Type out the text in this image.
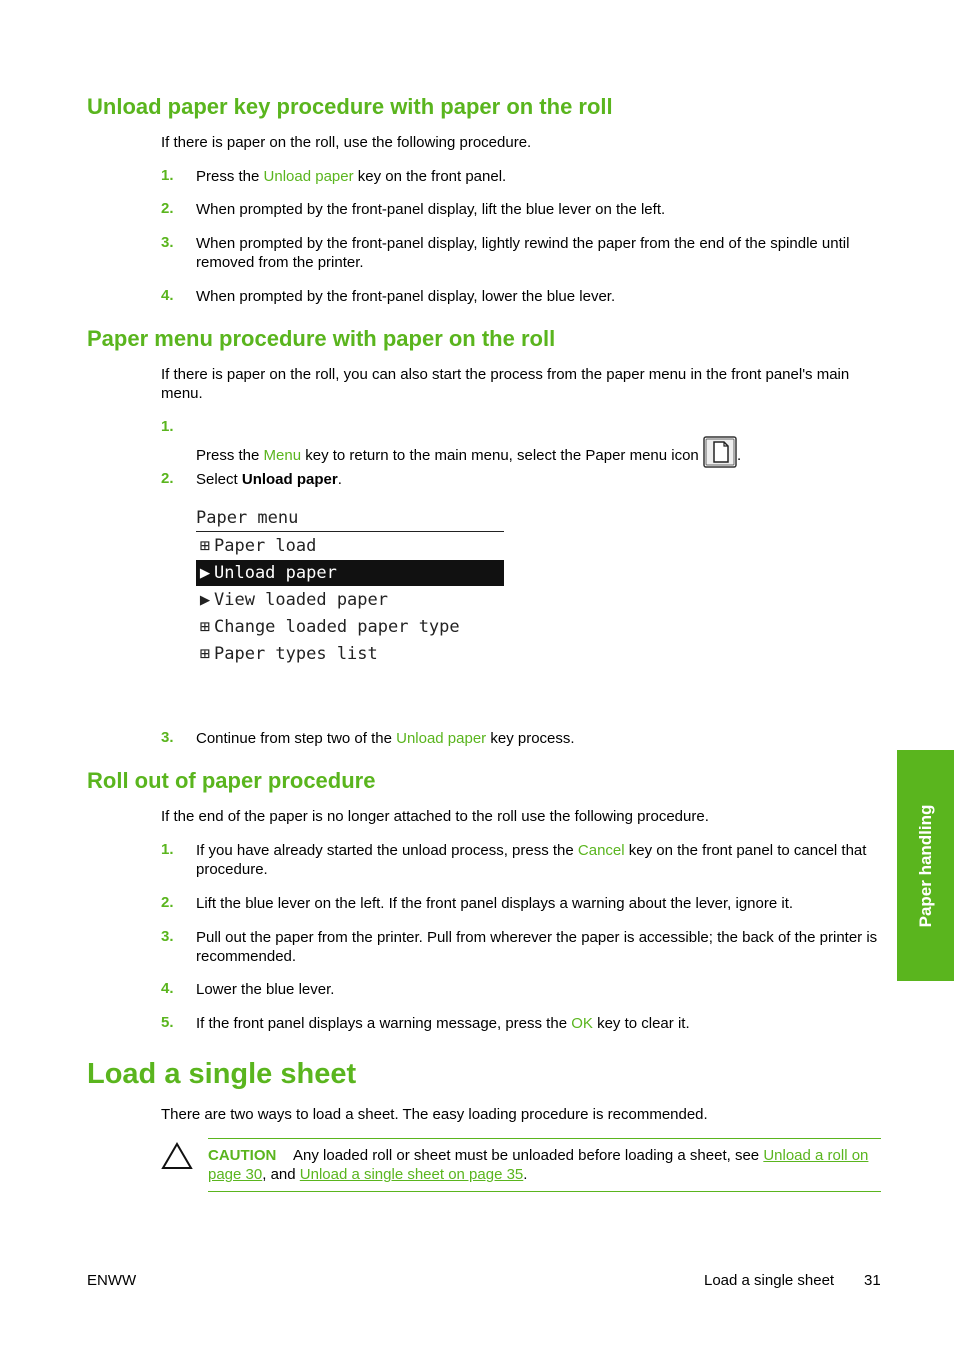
Unload paper key procedure with paper on the roll
If there is paper on the roll, use the following procedure.
1. Press the Unload paper key on the front panel.
2. When prompted by the front-panel display, lift the blue lever on the left.
3. When prompted by the front-panel display, lightly rewind the paper from the end of the spindle until removed from the printer.
4. When prompted by the front-panel display, lower the blue lever.
Paper menu procedure with paper on the roll
If there is paper on the roll, you can also start the process from the paper menu in the front panel's main menu.
1.
Press the Menu key to return to the main menu, select the Paper menu icon .
2. Select Unload paper.
Paper menu
⊞ Paper load
▶ Unload paper
▶ View loaded paper
⊞ Change loaded paper type
⊞ Paper types list
3. Continue from step two of the Unload paper key process.
Roll out of paper procedure
If the end of the paper is no longer attached to the roll use the following procedure.
1. If you have already started the unload process, press the Cancel key on the front panel to cancel that procedure.
2. Lift the blue lever on the left. If the front panel displays a warning about the lever, ignore it.
3. Pull out the paper from the printer. Pull from wherever the paper is accessible; the back of the printer is recommended.
4. Lower the blue lever.
5. If the front panel displays a warning message, press the OK key to clear it.
Load a single sheet
There are two ways to load a sheet. The easy loading procedure is recommended.
CAUTION Any loaded roll or sheet must be unloaded before loading a sheet, see Unload a roll on page 30, and Unload a single sheet on page 35.
Paper handling
ENWW	Load a single sheet 31
